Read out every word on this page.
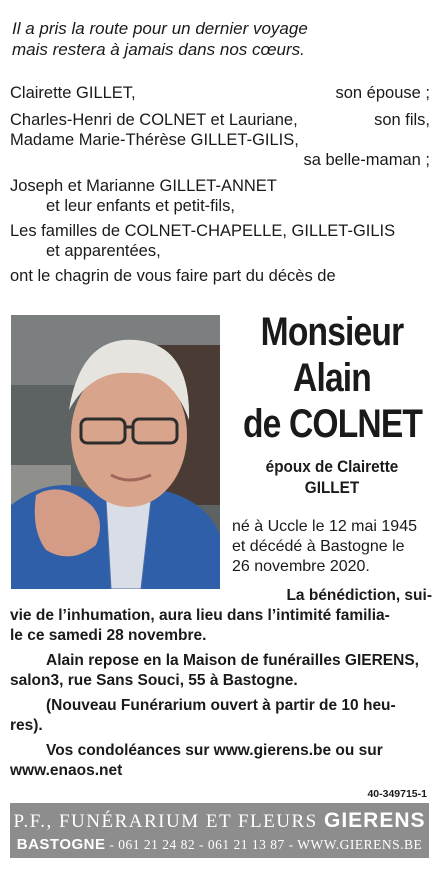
Il a pris la route pour un dernier voyage
mais restera à jamais dans nos cœurs.
Clairette GILLET,	son épouse ;
Charles-Henri de COLNET et Lauriane,	son fils,
Madame Marie-Thérèse GILLET-GILIS,
sa belle-maman ;
Joseph et Marianne GILLET-ANNET
et leur enfants et petit-fils,
Les familles de COLNET-CHAPELLE, GILLET-GILIS
et apparentées,
ont le chagrin de vous faire part du décès de
Monsieur
Alain
de COLNET
époux de Clairette
GILLET
né à Uccle le 12 mai 1945
et décédé à Bastogne le
26 novembre 2020.
La bénédiction, sui-
vie de l’inhumation, aura lieu dans l’intimité familia-
le ce samedi 28 novembre.
Alain repose en la Maison de funérailles GIERENS,
salon3, rue Sans Souci, 55 à Bastogne.
(Nouveau Funérarium ouvert à partir de 10 heu-
res).
Vos condoléances sur www.gierens.be ou sur
www.enaos.net
40-349715-1
P.F., FUNÉRARIUM ET FLEURS GIERENS
BASTOGNE - 061 21 24 82 - 061 21 13 87 - WWW.GIERENS.BE
